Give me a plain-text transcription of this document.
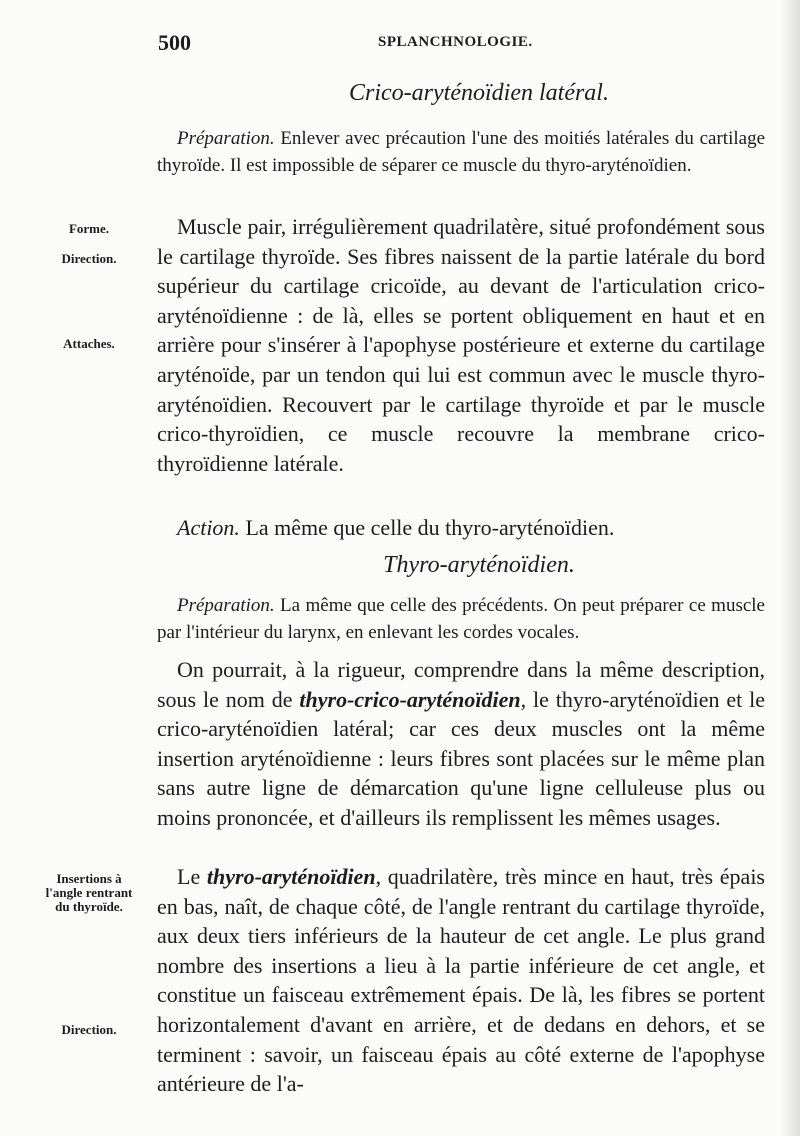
500	SPLANCHNOLOGIE.
Crico-aryténoïdien latéral.

Préparation. Enlever avec précaution l'une des moitiés latérales du cartilage thyroïde. Il est impossible de séparer ce muscle du thyro-aryténoïdien.

Muscle pair, irrégulièrement quadrilatère, situé profondément sous le cartilage thyroïde. Ses fibres naissent de la partie latérale du bord supérieur du cartilage cricoïde, au devant de l'articulation crico-aryténoïdienne : de là, elles se portent obliquement en haut et en arrière pour s'insérer à l'apophyse postérieure et externe du cartilage aryténoïde, par un tendon qui lui est commun avec le muscle thyro-aryténoïdien. Recouvert par le cartilage thyroïde et par le muscle crico-thyroïdien, ce muscle recouvre la membrane crico-thyroïdienne latérale.

Action. La même que celle du thyro-aryténoïdien.

Thyro-aryténoïdien.

Préparation. La même que celle des précédents. On peut préparer ce muscle par l'intérieur du larynx, en enlevant les cordes vocales.

On pourrait, à la rigueur, comprendre dans la même description, sous le nom de thyro-crico-aryténoïdien, le thyro-aryténoïdien et le crico-aryténoïdien latéral; car ces deux muscles ont la même insertion aryténoïdienne : leurs fibres sont placées sur le même plan sans autre ligne de démarcation qu'une ligne celluleuse plus ou moins prononcée, et d'ailleurs ils remplissent les mêmes usages.

Le thyro-aryténoïdien, quadrilatère, très mince en haut, très épais en bas, naît, de chaque côté, de l'angle rentrant du cartilage thyroïde, aux deux tiers inférieurs de la hauteur de cet angle. Le plus grand nombre des insertions a lieu à la partie inférieure de cet angle, et constitue un faisceau extrêmement épais. De là, les fibres se portent horizontalement d'avant en arrière, et de dedans en dehors, et se terminent : savoir, un faisceau épais au côté externe de l'apophyse antérieure de l'a-

Forme.
Direction.
Attaches.
Insertions à
l'angle rentrant
du thyroïde.
Direction.
